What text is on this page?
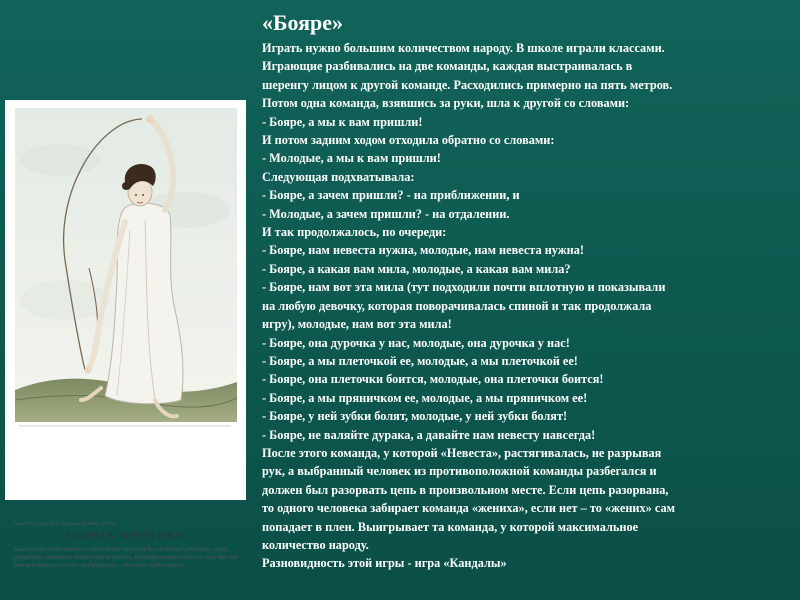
Painted by Adam Buck. Engraved by Henry Richter
SOPHIA WESTERN
Adorned with all the charms in which Nature can array her; bedecked with beauty, youth, sprightliness, innocence, modesty and tenderness, breathing sweetness from her rosy lips and darting brightness from her sparkling eyes — the lovely Sophia comes!
«Бояре»
Играть нужно большим количеством народу. В школе играли классами.
Играющие разбивались на две команды, каждая выстраивалась в
шеренгу лицом к другой команде. Расходились примерно на пять метров.
Потом одна команда, взявшись за руки, шла к другой со словами:
- Бояре, а мы к вам пришли!
И потом задним ходом отходила обратно со словами:
- Молодые, а мы к вам пришли!
Следующая подхватывала:
- Бояре, а зачем пришли? - на приближении, и
- Молодые, а зачем пришли? - на отдалении.
И так продолжалось, по очереди:
- Бояре, нам невеста нужна, молодые, нам невеста нужна!
- Бояре, а какая вам мила, молодые, а какая вам мила?
- Бояре, нам вот эта мила (тут подходили почти вплотную и показывали
на любую девочку, которая поворачивалась спиной и так продолжала
игру), молодые, нам вот эта мила!
- Бояре, она дурочка у нас, молодые, она дурочка у нас!
- Бояре, а мы плеточкой ее, молодые, а мы плеточкой ее!
- Бояре, она плеточки боится, молодые, она плеточки боится!
- Бояре, а мы пряничком ее, молодые, а мы пряничком ее!
- Бояре, у ней зубки болят, молодые, у ней зубки болят!
- Бояре, не валяйте дурака, а давайте нам невесту навсегда!
После этого команда, у которой «Невеста», растягивалась, не разрывая
рук, а выбранный человек из противоположной команды разбегался и
должен был разорвать цепь в произвольном месте. Если цепь разорвана,
то одного человека забирает команда «жениха», если нет – то «жених» сам
попадает в плен. Выигрывает та команда, у которой максимальное
количество народу.
Разновидность этой игры - игра «Кандалы»
